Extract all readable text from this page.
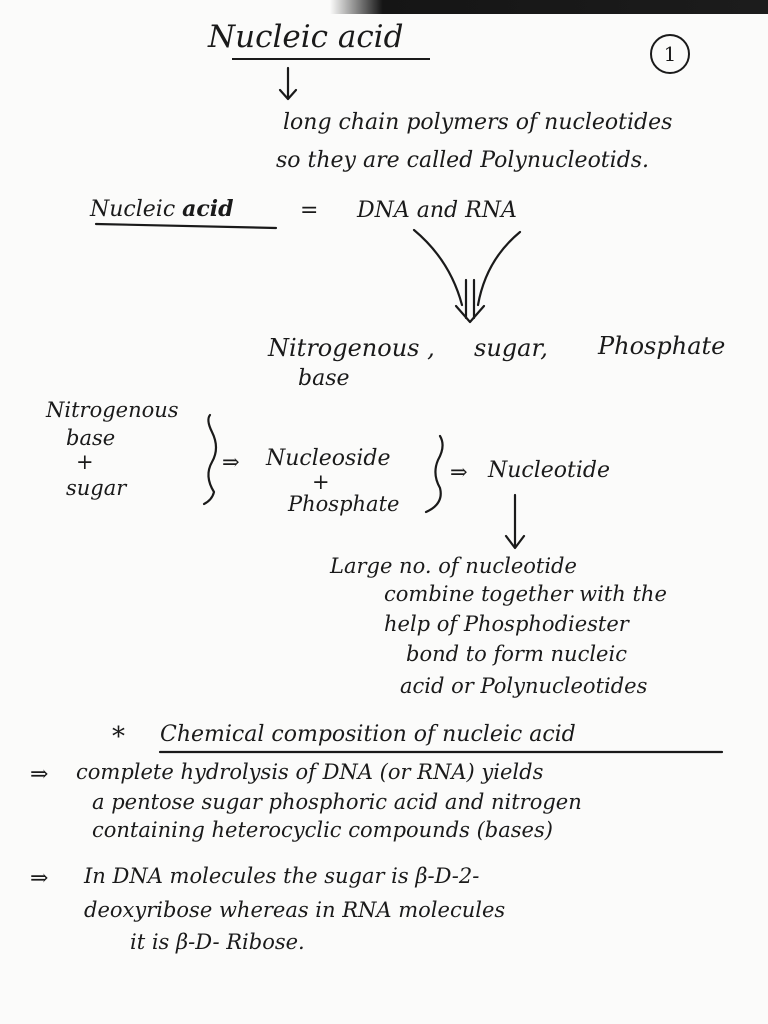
Nucleic acid	1
long chain polymers of nucleotides
so they are called Polynucleotids.
Nucleic acid	= DNA and RNA
Nitrogenous ,
base
sugar, Phosphate
Nitrogenous
base
+
sugar
⇒ Nucleoside
+
Phosphate
⇒ Nucleotide
Large no. of nucleotide
combine together with the
help of Phosphodiester
bond to form nucleic
acid or Polynucleotides
* Chemical composition of nucleic acid
⇒ complete hydrolysis of DNA (or RNA) yields
a pentose sugar phosphoric acid and nitrogen
containing heterocyclic compounds (bases)
⇒ In DNA molecules the sugar is β-D-2-
deoxyribose whereas in RNA molecules
it is β-D- Ribose.
